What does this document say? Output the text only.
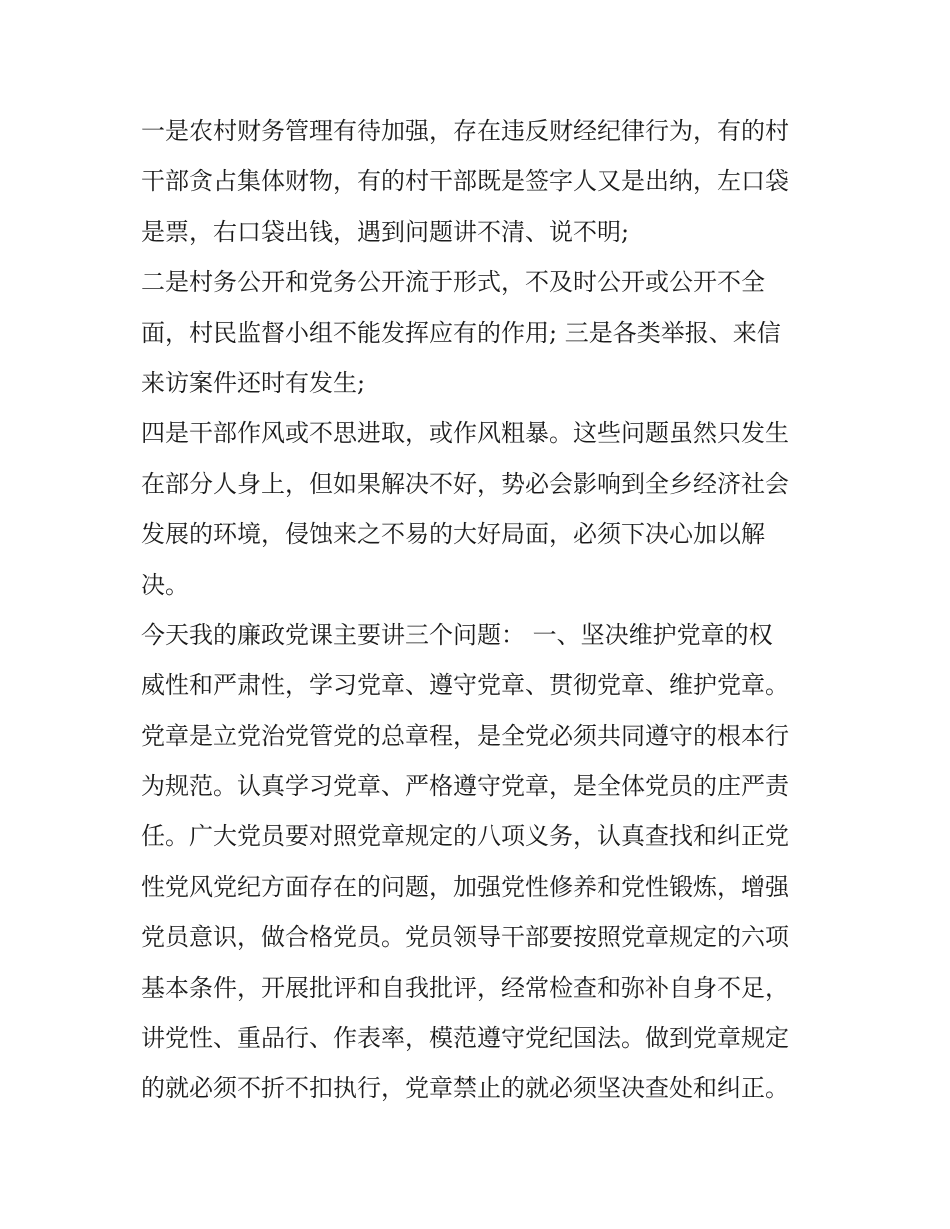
一是农村财务管理有待加强，存在违反财经纪律行为，有的村
干部贪占集体财物，有的村干部既是签字人又是出纳，左口袋
是票，右口袋出钱，遇到问题讲不清、说不明;
二是村务公开和党务公开流于形式，不及时公开或公开不全
面，村民监督小组不能发挥应有的作用; 三是各类举报、来信
来访案件还时有发生;
四是干部作风或不思进取，或作风粗暴。这些问题虽然只发生
在部分人身上，但如果解决不好，势必会影响到全乡经济社会
发展的环境，侵蚀来之不易的大好局面，必须下决心加以解
决。
今天我的廉政党课主要讲三个问题： 一、坚决维护党章的权
威性和严肃性，学习党章、遵守党章、贯彻党章、维护党章。
党章是立党治党管党的总章程，是全党必须共同遵守的根本行
为规范。认真学习党章、严格遵守党章，是全体党员的庄严责
任。广大党员要对照党章规定的八项义务，认真查找和纠正党
性党风党纪方面存在的问题，加强党性修养和党性锻炼，增强
党员意识，做合格党员。党员领导干部要按照党章规定的六项
基本条件，开展批评和自我批评，经常检查和弥补自身不足，
讲党性、重品行、作表率，模范遵守党纪国法。做到党章规定
的就必须不折不扣执行，党章禁止的就必须坚决查处和纠正。
